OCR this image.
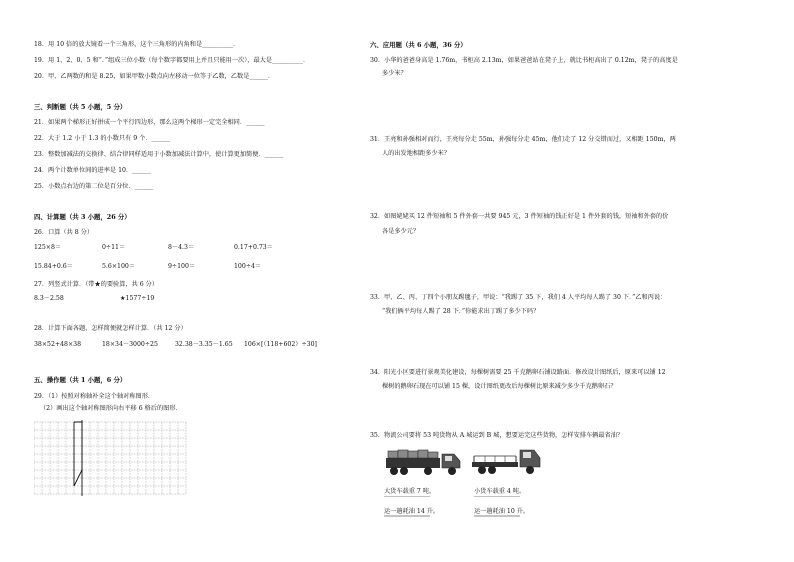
18．用 10 倍的放大镜看一个三角形，这个三角形的内角和是__________．
19．用 1、2、0、5 和“．”组成三位小数（每个数字都要用上并且只能用一次），最大是__________．
20．甲、乙两数的和是 8.25，如果甲数小数点向左移动一位等于乙数，乙数是______．
三、判断题（共 5 小题，5 分）
21．如果两个梯形正好拼成一个平行四边形，那么这两个梯形一定完全相同．______
22．大于 1.2 小于 1.3 的小数只有 9 个．______
23．整数加减法的交换律、结合律同样适用于小数加减法计算中，使计算更加简便．______
24．两个计数单位间的进率是 10．______
25．小数点右边的第二位是百分位．______
四、计算题（共 3 小题，26 分）
26．口算（共 8 分）
125×8＝	0÷11＝	8－4.3＝	0.17+0.73＝
15.84+0.6＝	5.6×100＝	9÷100＝	100÷4＝
27．列竖式计算．（带★的要验算，共 6 分）
8.3－2.58	★1577÷19
28．计算下面各题，怎样简便就怎样计算．（共 12 分）
38×52+48×38	18×34－3000÷25	32.38－3.35－1.65 106×[（118+602）÷30]
五、操作题（共 1 小题，6 分）
29．（1）按照对称轴补全这个轴对称图形．
（2）画出这个轴对称图形向右平移 6 格后的图形．
六、应用题（共 6 小题，36 分）
30．小华的爸爸身高是 1.76m，书柜高 2.13m，如果爸爸站在凳子上，就比书柜高出了 0.12m，凳子的高度是
多少米？
31．王亮和孙强相对而行，王亮每分走 55m，孙强每分走 45m，他们走了 12 分交错而过，又相距 150m，两
人的出发地相距多少米？
32．如图姥姥买 12 件短袖和 5 件外套一共要 945 元，3 件短袖的钱正好是 1 件外套的钱，短袖和外套的价
各是多少元？
33．甲、乙、丙、丁四个小朋友踢毽子，甲说：“我踢了 35 下，我们 4 人平均每人踢了 30 下．”乙和丙说：
“我们俩平均每人踢了 28 下．”你能求出丁踢了多少下吗？
34．阳光小区要进行景观美化建设，每棵树需要 25 千克鹅卵石铺设路面．修改设计图纸后，原来可以铺 12
棵树的鹅卵石现在可以铺 15 棵，设计图纸更改后每棵树比原来减少多少千克鹅卵石？
35．物流公司要将 53 吨货物从 A 城运到 B 城，想要运完这些货物，怎样安排车辆最省油？
大货车载重 7 吨。
运一趟耗油 14 升。
小货车载重 4 吨。
运一趟耗油 10 升。
